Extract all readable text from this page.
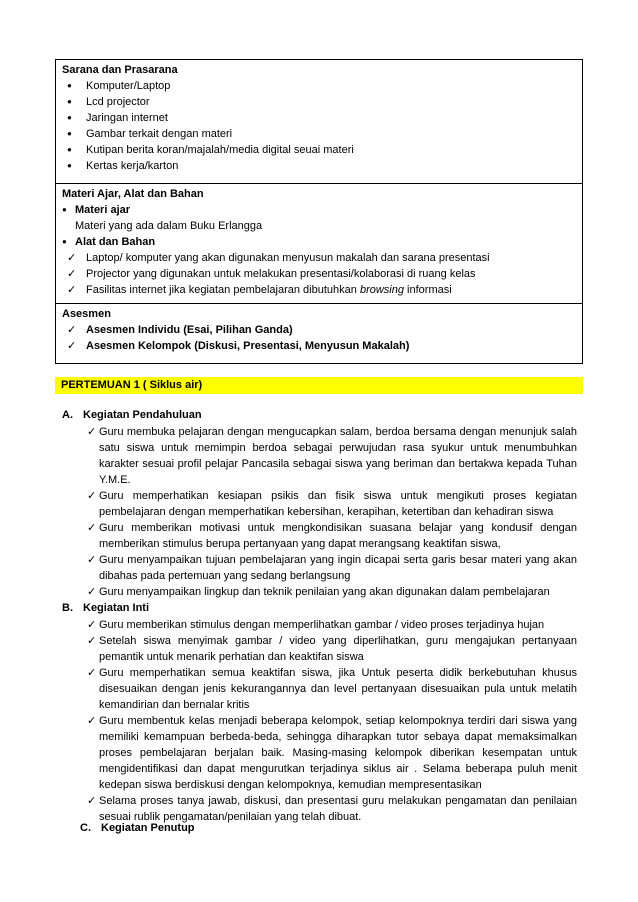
Sarana dan Prasarana
● Komputer/Laptop
● Lcd projector
● Jaringan internet
● Gambar terkait dengan materi
● Kutipan berita koran/majalah/media digital seuai materi
● Kertas kerja/karton
Materi Ajar, Alat dan Bahan
● Materi ajar
Materi yang ada dalam Buku Erlangga
● Alat dan Bahan
✓ Laptop/ komputer yang akan digunakan menyusun makalah dan sarana presentasi
✓ Projector yang digunakan untuk melakukan presentasi/kolaborasi di ruang kelas
✓ Fasilitas internet jika kegiatan pembelajaran dibutuhkan browsing informasi
Asesmen
✓ Asesmen Individu (Esai, Pilihan Ganda)
✓ Asesmen Kelompok (Diskusi, Presentasi, Menyusun Makalah)
PERTEMUAN 1 ( Siklus air)
A. Kegiatan Pendahuluan
✓ Guru membuka pelajaran dengan mengucapkan salam, berdoa bersama dengan menunjuk salah satu siswa untuk memimpin berdoa sebagai perwujudan rasa syukur untuk menumbuhkan karakter sesuai profil pelajar Pancasila sebagai siswa yang beriman dan bertakwa kepada Tuhan Y.M.E.
✓ Guru memperhatikan kesiapan psikis dan fisik siswa untuk mengikuti proses kegiatan pembelajaran dengan memperhatikan kebersihan, kerapihan, ketertiban dan kehadiran siswa
✓ Guru memberikan motivasi untuk mengkondisikan suasana belajar yang kondusif dengan memberikan stimulus berupa pertanyaan yang dapat merangsang keaktifan siswa,
✓ Guru menyampaikan tujuan pembelajaran yang ingin dicapai serta garis besar materi yang akan dibahas pada pertemuan yang sedang berlangsung
✓ Guru menyampaikan lingkup dan teknik penilaian yang akan digunakan dalam pembelajaran
B. Kegiatan Inti
✓ Guru memberikan stimulus dengan memperlihatkan gambar / video proses terjadinya hujan
✓ Setelah siswa menyimak gambar / video yang diperlihatkan, guru mengajukan pertanyaan pemantik untuk menarik perhatian dan keaktifan siswa
✓ Guru memperhatikan semua keaktifan siswa, jika Untuk peserta didik berkebutuhan khusus disesuaikan dengan jenis kekurangannya dan level pertanyaan disesuaikan pula untuk melatih kemandirian dan bernalar kritis
✓ Guru membentuk kelas menjadi beberapa kelompok, setiap kelompoknya terdiri dari siswa yang memiliki kemampuan berbeda-beda, sehingga diharapkan tutor sebaya dapat memaksimalkan proses pembelajaran berjalan baik. Masing-masing kelompok diberikan kesempatan untuk mengidentifikasi dan dapat mengurutkan terjadinya siklus air . Selama beberapa puluh menit kedepan siswa berdiskusi dengan kelompoknya, kemudian mempresentasikan
✓ Selama proses tanya jawab, diskusi, dan presentasi guru melakukan pengamatan dan penilaian sesuai rublik pengamatan/penilaian yang telah dibuat.
C. Kegiatan Penutup
